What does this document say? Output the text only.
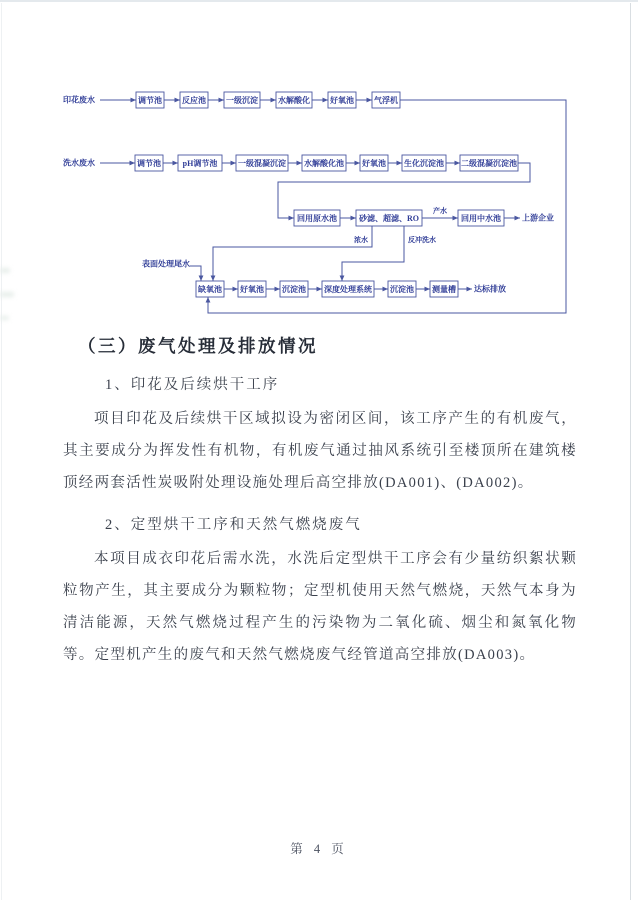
调节池	反应池	一级沉淀	水解酸化	好氧池	气浮机
调节池	pH调节池	一级混凝沉淀 水解酸化池 好氧池 生化沉淀池 二级混凝沉淀池
回用原水池	砂滤、超滤、RO	回用中水池
缺氧池 好氧池 沉淀池 深度处理系统 沉淀池 测量槽
印花废水
洗水废水
表面处理尾水
产水
浓水	反冲洗水
上游企业
达标排放
（三）废气处理及排放情况
1、印花及后续烘干工序

项目印花及后续烘干区域拟设为密闭区间，该工序产生的有机废气，其主要成分为挥发性有机物，有机废气通过抽风系统引至楼顶所在建筑楼顶经两套活性炭吸附处理设施处理后高空排放(DA001)、(DA002)。

2、定型烘干工序和天然气燃烧废气

本项目成衣印花后需水洗，水洗后定型烘干工序会有少量纺织絮状颗粒物产生，其主要成分为颗粒物；定型机使用天然气燃烧，天然气本身为清洁能源，天然气燃烧过程产生的污染物为二氧化硫、烟尘和氮氧化物等。定型机产生的废气和天然气燃烧废气经管道高空排放(DA003)。

第 4 页
